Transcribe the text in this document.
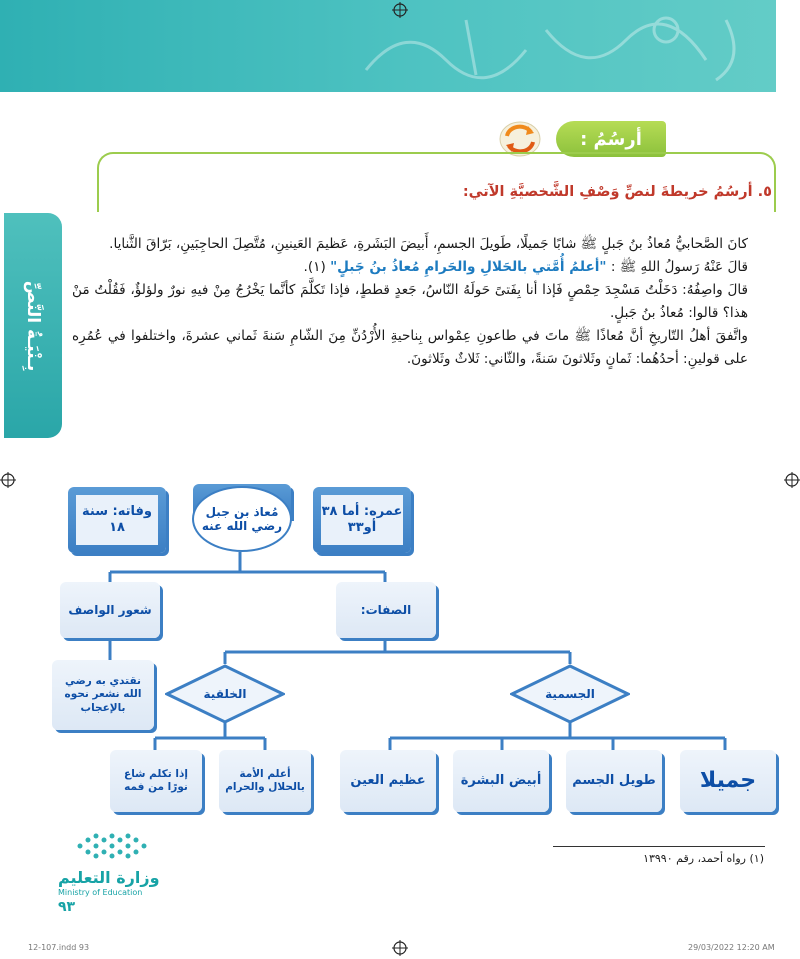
أرسُمُ :
بِـنْيَـةُ النَّصِّ
٥. أرسُمُ خريطةَ لنصِّ وَصْفِ الشَّخصيَّةِ الآتي:

كانَ الصَّحابيُّ مُعاذُ بنُ جَبلٍ ﷺ شابًا جَميلًا، طَويلَ الجسمِ، أَبيضَ البَشَرةِ، عَظيمَ العَينينِ، مُتَّصِلَ الحاجِبَينِ، بَرّاقَ الثَّنايا.

قالَ عَنْهُ رَسولُ اللهِ ﷺ : "أعلمُ أُمَّتي بالحَلالِ والحَرامِ مُعاذُ بنُ جَبلٍ" (١).

قالَ واصِفُهُ: دَخَلْتُ مَسْجِدَ حِمْصٍ فَإذا أنا بِفَتىً حَولَهُ النّاسُ، جَعدٍ قططٍ، فإذا تَكلَّمَ كأنَّما يَخْرُجُ مِنْ فيهِ نورٌ ولؤلؤٌ، فَقُلْتُ مَنْ هذا؟ قالوا: مُعاذُ بنُ جَبلٍ.

واتَّفقَ أهلُ التّاريخِ أنَّ مُعاذًا ﷺ ماتَ في طاعونِ عِمْواس بِناحيةِ الأُرْدُنِّ مِنَ الشّامِ سَنةَ ثَماني عشرةَ، واختلفوا في عُمُرِه على قولينِ: أحدُهُما: ثَمانٍ وثَلاثونَ سَنةً، والثّاني: ثَلاثٌ وثَلاثونَ.

وفاته: سنة ١٨
عمره: أما ٣٨ أو٣٣
مُعاذ بن جبل رضي الله عنه
شعور الواصف	الصفات:
نقتدي به رضي الله نشعر نحوه بالإعجاب
الخلقية	الجسمية
إذا تكلم شاع نورًا من فمه
أعلم الأمة بالحلال والحرام	عظيم العين	أبيض البشرة	طويل الجسم	جميلا
(١) رواه أحمد، رقم ١٣٩٩٠
وزارة التعليم
Ministry of Education
٩٣
12-107.indd 93	29/03/2022 12:20 AM
